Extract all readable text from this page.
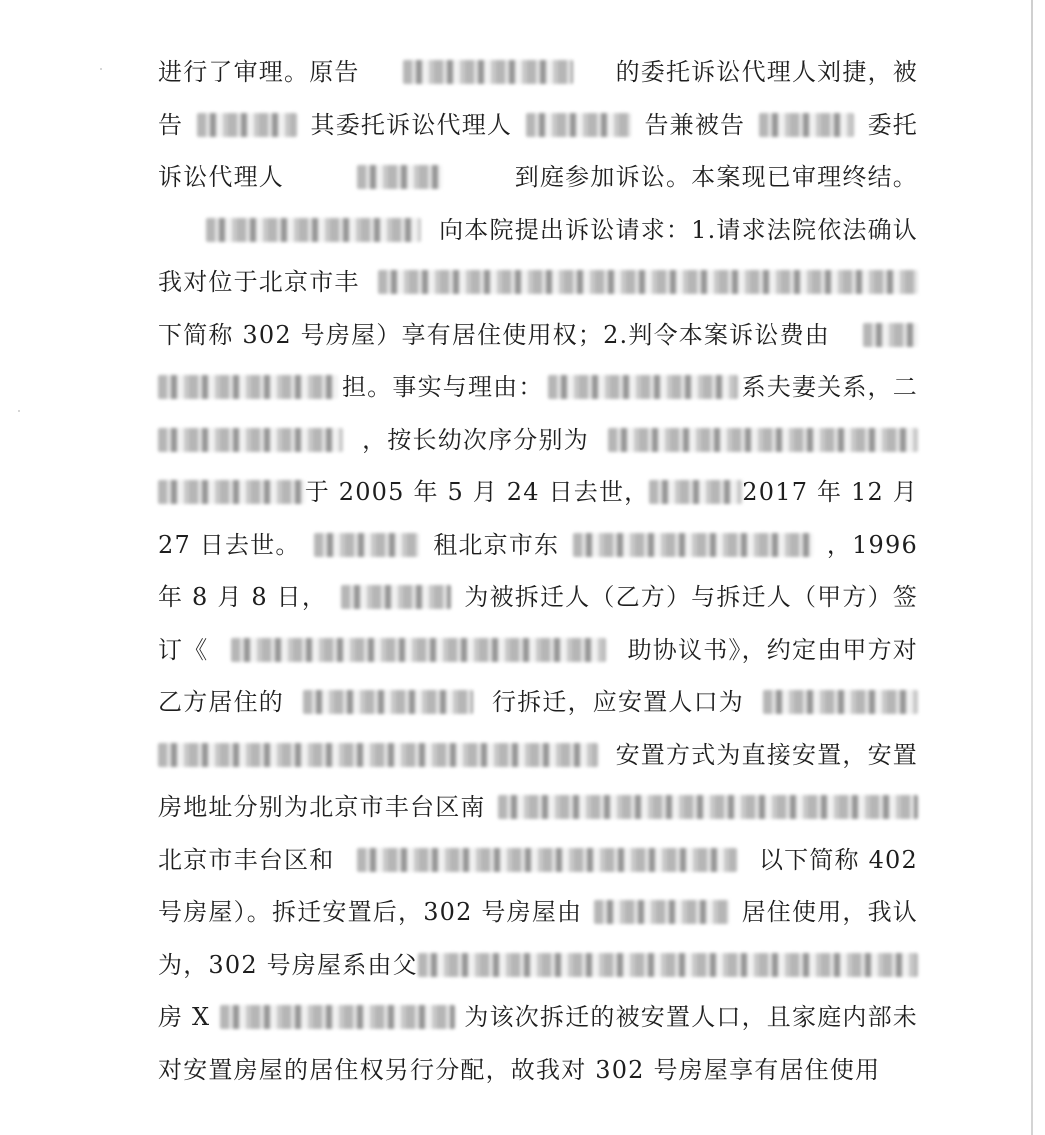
进行了审理。原告	的委托诉讼代理人刘捷，被
告	其委托诉讼代理人	告兼被告	委托
诉讼代理人	到庭参加诉讼。本案现已审理终结。
向本院提出诉讼请求：1.请求法院依法确认
我对位于北京市丰
下简称 302 号房屋）享有居住使用权；2.判令本案诉讼费由
担。事实与理由：	系夫妻关系，二
，按长幼次序分别为
于 2005 年 5 月 24 日去世，	2017 年 12 月
27 日去世。	租北京市东	，1996
年 8 月 8 日，	为被拆迁人（乙方）与拆迁人（甲方）签
订《	助协议书》，约定由甲方对
乙方居住的	行拆迁，应安置人口为
安置方式为直接安置，安置
房地址分别为北京市丰台区南
北京市丰台区和	以下简称 402
号房屋）。拆迁安置后，302 号房屋由	居住使用，我认
为，302 号房屋系由父
房 X	为该次拆迁的被安置人口，且家庭内部未
对安置房屋的居住权另行分配，故我对 302 号房屋享有居住使用
